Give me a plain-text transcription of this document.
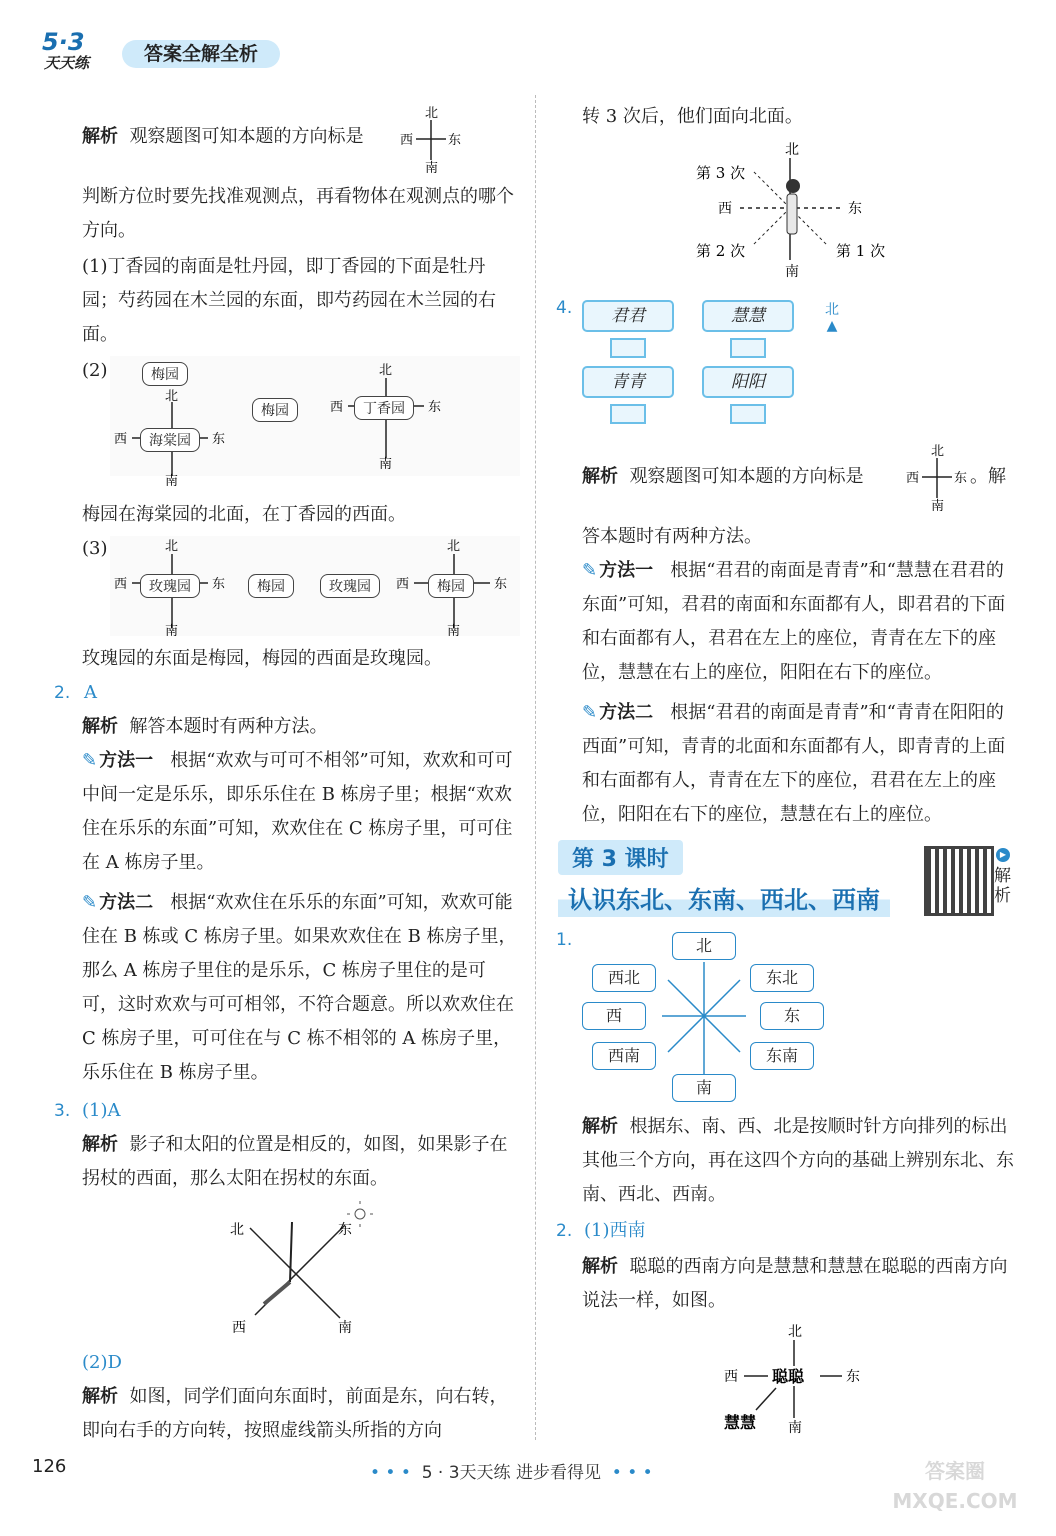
5·3
天天练	答案全解全析
解析 观察题图可知本题的方向标是
北
南
西	东
判断方位时要先找准观测点，再看物体在观测点的哪个方向。
(1)丁香园的南面是牡丹园，即丁香园的下面是牡丹园；芍药园在木兰园的东面，即芍药园在木兰园的右面。
(2)	梅园
北
南
西	东
海棠园
梅园
北
南
西	东
丁香园
梅园在海棠园的北面，在丁香园的西面。
(3)	北
南
西	东
玫瑰园	梅园	玫瑰园
北
南
西	东
梅园
玫瑰园的东面是梅园，梅园的西面是玫瑰园。
2. A
解析 解答本题时有两种方法。
✎ 方法一 根据“欢欢与可可不相邻”可知，欢欢和可可中间一定是乐乐，即乐乐住在 B 栋房子里；根据“欢欢住在乐乐的东面”可知，欢欢住在 C 栋房子里，可可住在 A 栋房子里。
✎ 方法二 根据“欢欢住在乐乐的东面”可知，欢欢可能住在 B 栋或 C 栋房子里。如果欢欢住在 B 栋房子里，那么 A 栋房子里住的是乐乐，C 栋房子里住的是可可，这时欢欢与可可相邻，不符合题意。所以欢欢住在 C 栋房子里，可可住在与 C 栋不相邻的 A 栋房子里，乐乐住在 B 栋房子里。
3. (1)A
解析 影子和太阳的位置是相反的，如图，如果影子在拐杖的西面，那么太阳在拐杖的东面。
北	东
西	南
(2)D
解析 如图，同学们面向东面时，前面是东，向右转，即向右手的方向转，按照虚线箭头所指的方向
转 3 次后，他们面向北面。
北
南
西	东
第 3 次
第 2 次	第 1 次
4.	君君	慧慧
青青	阳阳
北
▲
解析 观察题图可知本题的方向标是
北
南
西	东 。解
答本题时有两种方法。
✎ 方法一 根据“君君的南面是青青”和“慧慧在君君的东面”可知，君君的南面和东面都有人，即君君的下面和右面都有人，君君在左上的座位，青青在左下的座位，慧慧在右上的座位，阳阳在右下的座位。
✎ 方法二 根据“君君的南面是青青”和“青青在阳阳的西面”可知，青青的北面和东面都有人，即青青的上面和右面都有人，青青在左下的座位，君君在左上的座位，阳阳在右下的座位，慧慧在右上的座位。
第 3 课时
认识东北、东南、西北、西南
▶
解析
1.	北
西北	东北
西	东
西南	东南
南
解析 根据东、南、西、北是按顺时针方向排列的标出其他三个方向，再在这四个方向的基础上辨别东北、东南、西北、西南。
2. (1)西南
解析 聪聪的西南方向是慧慧和慧慧在聪聪的西南方向说法一样，如图。
北
南
西	东
聪聪
慧慧
126	• • • 5 · 3天天练 进步看得见 • • •	答案圈 MXQE.COM
